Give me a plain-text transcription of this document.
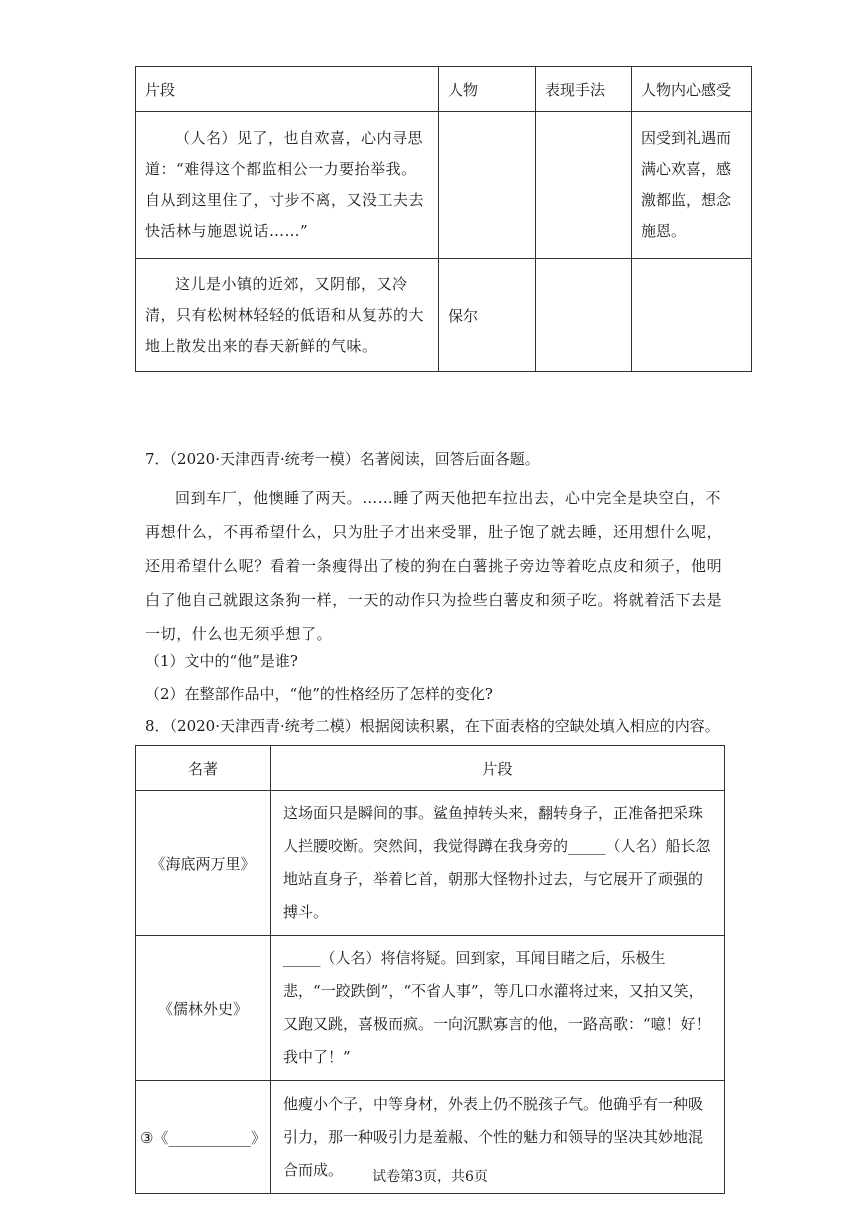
片段	人物	表现手法	人物内心感受
（人名）见了，也自欢喜，心内寻思道：“难得这个都监相公一力要抬举我。自从到这里住了，寸步不离，又没工夫去快活林与施恩说话……”			因受到礼遇而满心欢喜，感激都监，想念施恩。
这儿是小镇的近郊，又阴郁，又冷清，只有松树林轻轻的低语和从复苏的大地上散发出来的春天新鲜的气味。	保尔		
7．（2020·天津西青·统考一模）名著阅读，回答后面各题。
回到车厂，他懊睡了两天。……睡了两天他把车拉出去，心中完全是块空白，不再想什么，不再希望什么，只为肚子才出来受罪，肚子饱了就去睡，还用想什么呢，还用希望什么呢？看着一条瘦得出了棱的狗在白薯挑子旁边等着吃点皮和须子，他明白了他自己就跟这条狗一样，一天的动作只为捡些白薯皮和须子吃。将就着活下去是一切，什么也无须乎想了。
（1）文中的“他”是谁?
（2）在整部作品中，“他”的性格经历了怎样的变化?
8．（2020·天津西青·统考二模）根据阅读积累，在下面表格的空缺处填入相应的内容。
名著	片段
《海底两万里》	这场面只是瞬间的事。鲨鱼掉转头来，翻转身子，正准备把采珠人拦腰咬断。突然间，我觉得蹲在我身旁的_____（人名）船长忽地站直身子，举着匕首，朝那大怪物扑过去，与它展开了顽强的搏斗。
《儒林外史》	_____（人名）将信将疑。回到家，耳闻目睹之后，乐极生悲，“一跤跌倒”，“不省人事”，等几口水灌将过来，又拍又笑，又跑又跳，喜极而疯。一向沉默寡言的他，一路高歌：“噫！好！我中了！”
③《___________》	他瘦小个子，中等身材，外表上仍不脱孩子气。他确乎有一种吸引力，那一种吸引力是羞赧、个性的魅力和领导的坚决其妙地混合而成。	试卷第3页，共6页
